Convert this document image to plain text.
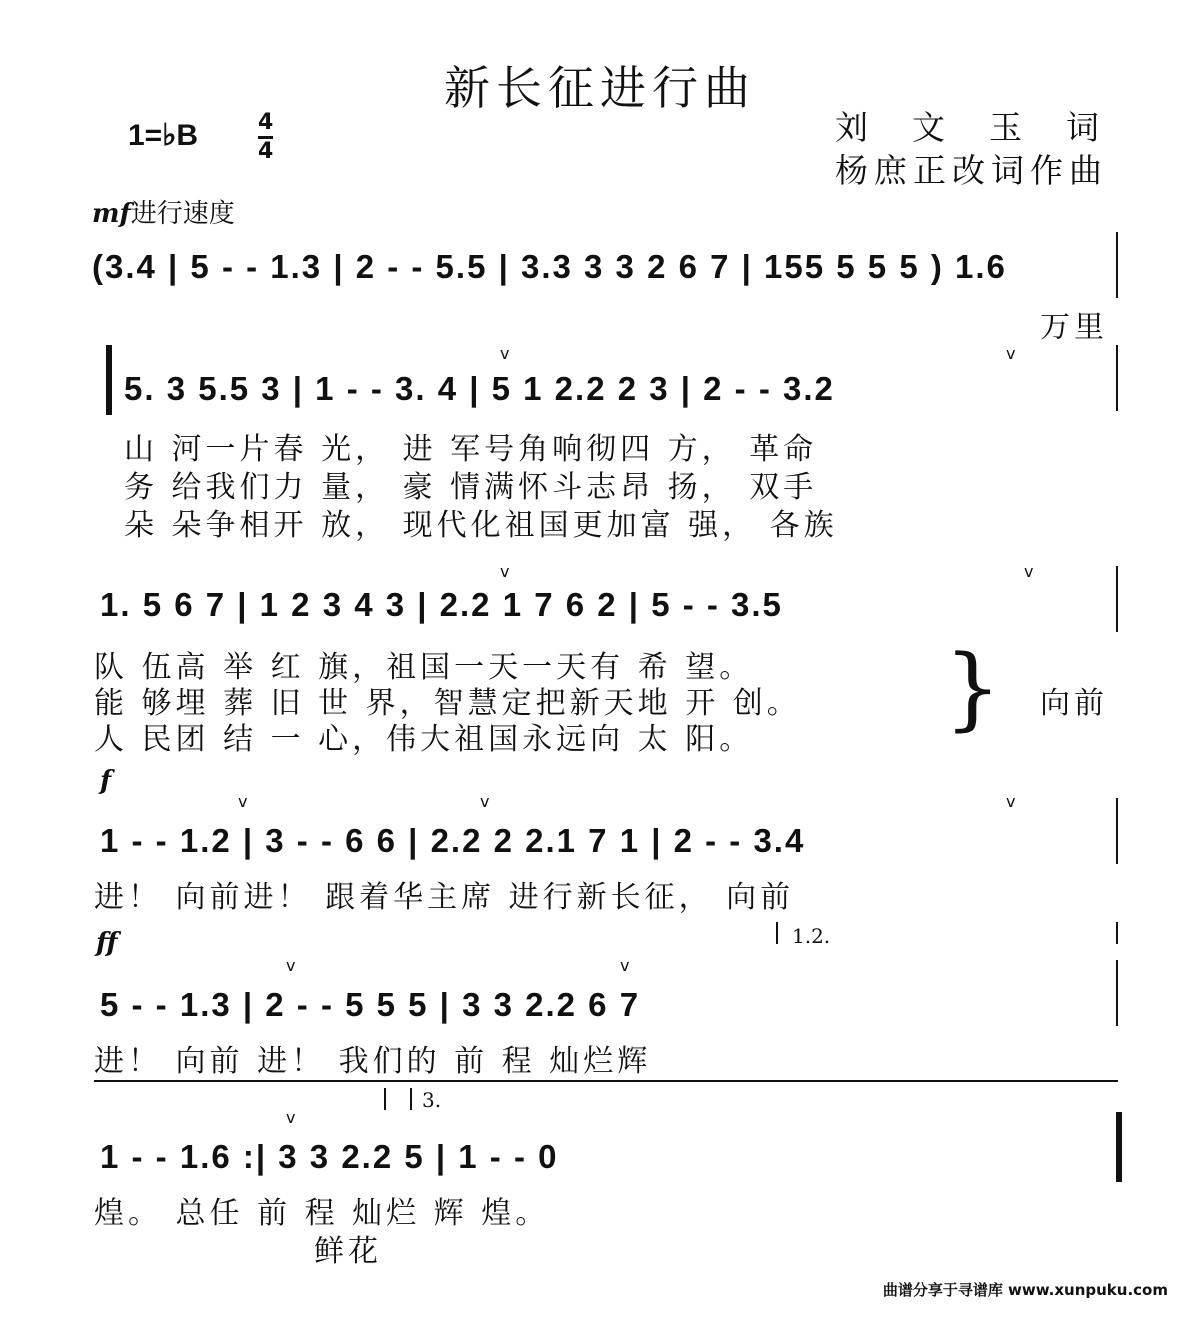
新长征进行曲
1=♭B	4
4
刘文玉词
杨庶正改词作曲
mf进行速度
(3.4 | 5 - - 1.3 | 2 - - 5.5 | 3.3 3 3 2 6 7 | 155 5 5 5 ) 1.6
万里
5. 3 5.5 3 | 1 - - 3. 4 | 5 1 2.2 2 3 | 2 - - 3.2
v	v
山 河一片春 光， 进 军号角响彻四 方， 革命
务 给我们力 量， 豪 情满怀斗志昂 扬， 双手
朵 朵争相开 放， 现代化祖国更加富 强， 各族
1. 5 6 7 | 1 2 3 4 3 | 2.2 1 7 6 2 | 5 - - 3.5
v	v
队 伍高 举 红 旗，祖国一天一天有 希 望。
能 够埋 葬 旧 世 界，智慧定把新天地 开 创。
人 民团 结 一 心，伟大祖国永远向 太 阳。 } 向前
f
1 - - 1.2 | 3 - - 6 6 | 2.2 2 2.1 7 1 | 2 - - 3.4
v	v	v
进！ 向前进！ 跟着华主席 进行新长征， 向前
ff	1.2.
5 - - 1.3 | 2 - - 5 5 5 | 3 3 2.2 6 7
v	v
进！ 向前 进！ 我们的 前 程 灿烂辉
3.
1 - - 1.6 :| 3 3 2.2 5 | 1 - - 0
v
煌。 总任 前 程 灿烂 辉 煌。
鲜花
曲谱分享于寻谱库 www.xunpuku.com
